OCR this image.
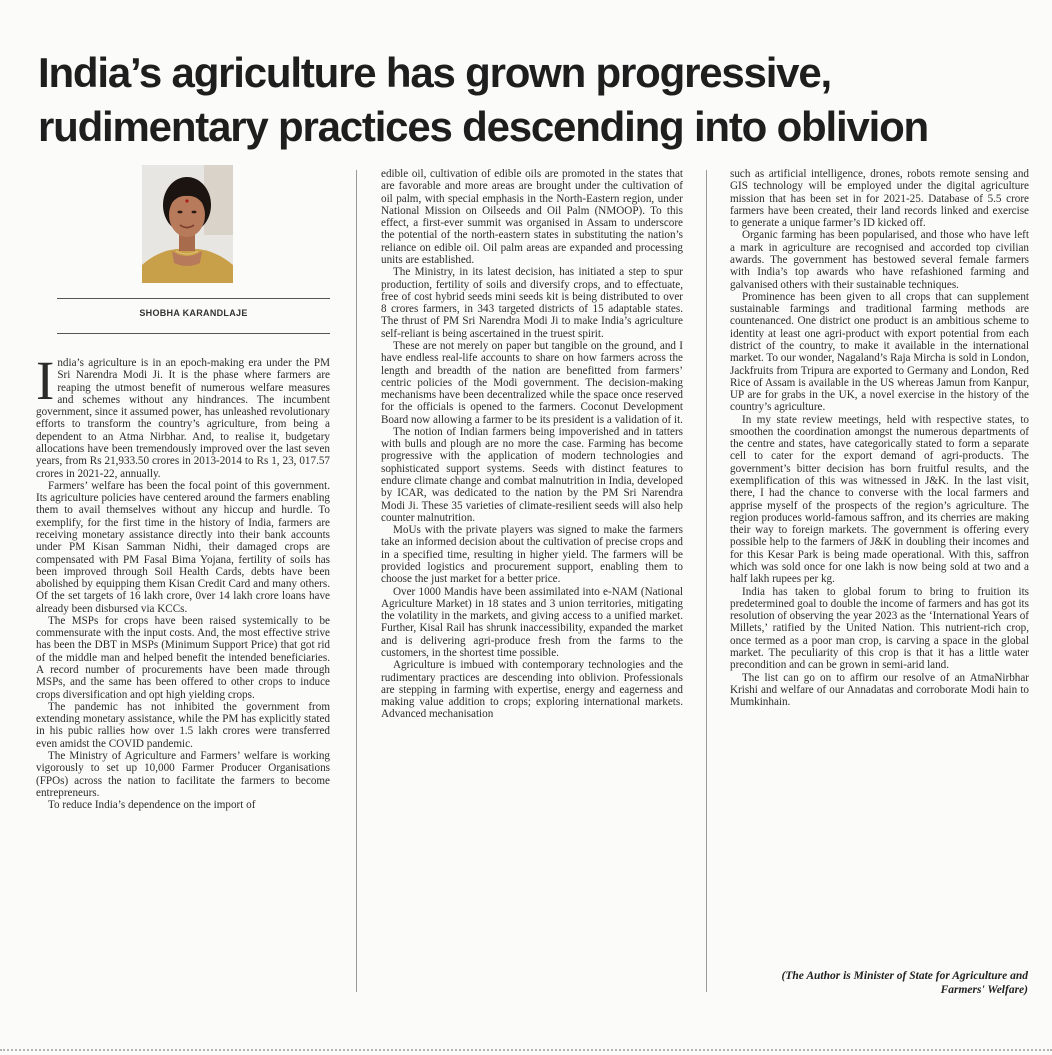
India’s agriculture has grown progressive, rudimentary practices descending into oblivion
SHOBHA KARANDLAJE

India’s agriculture is in an epoch-making era under the PM Sri Narendra Modi Ji. It is the phase where farmers are reaping the utmost benefit of numerous welfare measures and schemes without any hindrances. The incumbent government, since it assumed power, has unleashed revolutionary efforts to transform the country’s agriculture, from being a dependent to an Atma Nirbhar. And, to realise it, budgetary allocations have been tremendously improved over the last seven years, from Rs 21,933.50 crores in 2013-2014 to Rs 1, 23, 017.57 crores in 2021-22, annually.

Farmers’ welfare has been the focal point of this government. Its agriculture policies have centered around the farmers enabling them to avail themselves without any hiccup and hurdle. To exemplify, for the first time in the history of India, farmers are receiving monetary assistance directly into their bank accounts under PM Kisan Samman Nidhi, their damaged crops are compensated with PM Fasal Bima Yojana, fertility of soils has been improved through Soil Health Cards, debts have been abolished by equipping them Kisan Credit Card and many others. Of the set targets of 16 lakh crore, 0ver 14 lakh crore loans have already been disbursed via KCCs.

The MSPs for crops have been raised systemically to be commensurate with the input costs. And, the most effective strive has been the DBT in MSPs (Minimum Support Price) that got rid of the middle man and helped benefit the intended beneficiaries. A record number of procurements have been made through MSPs, and the same has been offered to other crops to induce crops diversification and opt high yielding crops.

The pandemic has not inhibited the government from extending monetary assistance, while the PM has explicitly stated in his pubic rallies how over 1.5 lakh crores were transferred even amidst the COVID pandemic.

The Ministry of Agriculture and Farmers’ welfare is working vigorously to set up 10,000 Farmer Producer Organisations (FPOs) across the nation to facilitate the farmers to become entrepreneurs.

To reduce India’s dependence on the import of

edible oil, cultivation of edible oils are promoted in the states that are favorable and more areas are brought under the cultivation of oil palm, with special emphasis in the North-Eastern region, under National Mission on Oilseeds and Oil Palm (NMOOP). To this effect, a first-ever summit was organised in Assam to underscore the potential of the north-eastern states in substituting the nation’s reliance on edible oil. Oil palm areas are expanded and processing units are established.

The Ministry, in its latest decision, has initiated a step to spur production, fertility of soils and diversify crops, and to effectuate, free of cost hybrid seeds mini seeds kit is being distributed to over 8 crores farmers, in 343 targeted districts of 15 adaptable states. The thrust of PM Sri Narendra Modi Ji to make India’s agriculture self-reliant is being ascertained in the truest spirit.

These are not merely on paper but tangible on the ground, and I have endless real-life accounts to share on how farmers across the length and breadth of the nation are benefitted from farmers’ centric policies of the Modi government. The decision-making mechanisms have been decentralized while the space once reserved for the officials is opened to the farmers. Coconut Development Board now allowing a farmer to be its president is a validation of it.

The notion of Indian farmers being impoverished and in tatters with bulls and plough are no more the case. Farming has become progressive with the application of modern technologies and sophisticated support systems. Seeds with distinct features to endure climate change and combat malnutrition in India, developed by ICAR, was dedicated to the nation by the PM Sri Narendra Modi Ji. These 35 varieties of climate-resilient seeds will also help counter malnutrition.

MoUs with the private players was signed to make the farmers take an informed decision about the cultivation of precise crops and in a specified time, resulting in higher yield. The farmers will be provided logistics and procurement support, enabling them to choose the just market for a better price.

Over 1000 Mandis have been assimilated into e-NAM (National Agriculture Market) in 18 states and 3 union territories, mitigating the volatility in the markets, and giving access to a unified market. Further, Kisal Rail has shrunk inaccessibility, expanded the market and is delivering agri-produce fresh from the farms to the customers, in the shortest time possible.

Agriculture is imbued with contemporary technologies and the rudimentary practices are descending into oblivion. Professionals are stepping in farming with expertise, energy and eagerness and making value addition to crops; exploring international markets. Advanced mechanisation

such as artificial intelligence, drones, robots remote sensing and GIS technology will be employed under the digital agriculture mission that has been set in for 2021-25. Database of 5.5 crore farmers have been created, their land records linked and exercise to generate a unique farmer’s ID kicked off.

Organic farming has been popularised, and those who have left a mark in agriculture are recognised and accorded top civilian awards. The government has bestowed several female farmers with India’s top awards who have refashioned farming and galvanised others with their sustainable techniques.

Prominence has been given to all crops that can supplement sustainable farmings and traditional farming methods are countenanced. One district one product is an ambitious scheme to identity at least one agri-product with export potential from each district of the country, to make it available in the international market. To our wonder, Nagaland’s Raja Mircha is sold in London, Jackfruits from Tripura are exported to Germany and London, Red Rice of Assam is available in the US whereas Jamun from Kanpur, UP are for grabs in the UK, a novel exercise in the history of the country’s agriculture.

In my state review meetings, held with respective states, to smoothen the coordination amongst the numerous departments of the centre and states, have categorically stated to form a separate cell to cater for the export demand of agri-products. The government’s bitter decision has born fruitful results, and the exemplification of this was witnessed in J&K. In the last visit, there, I had the chance to converse with the local farmers and apprise myself of the prospects of the region’s agriculture. The region produces world-famous saffron, and its cherries are making their way to foreign markets. The government is offering every possible help to the farmers of J&K in doubling their incomes and for this Kesar Park is being made operational. With this, saffron which was sold once for one lakh is now being sold at two and a half lakh rupees per kg.

India has taken to global forum to bring to fruition its predetermined goal to double the income of farmers and has got its resolution of observing the year 2023 as the ‘International Years of Millets,’ ratified by the United Nation. This nutrient-rich crop, once termed as a poor man crop, is carving a space in the global market. The peculiarity of this crop is that it has a little water precondition and can be grown in semi-arid land.

The list can go on to affirm our resolve of an AtmaNirbhar Krishi and welfare of our Annadatas and corroborate Modi hain to Mumkinhain.

(The Author is Minister of State for Agriculture and Farmers' Welfare)
